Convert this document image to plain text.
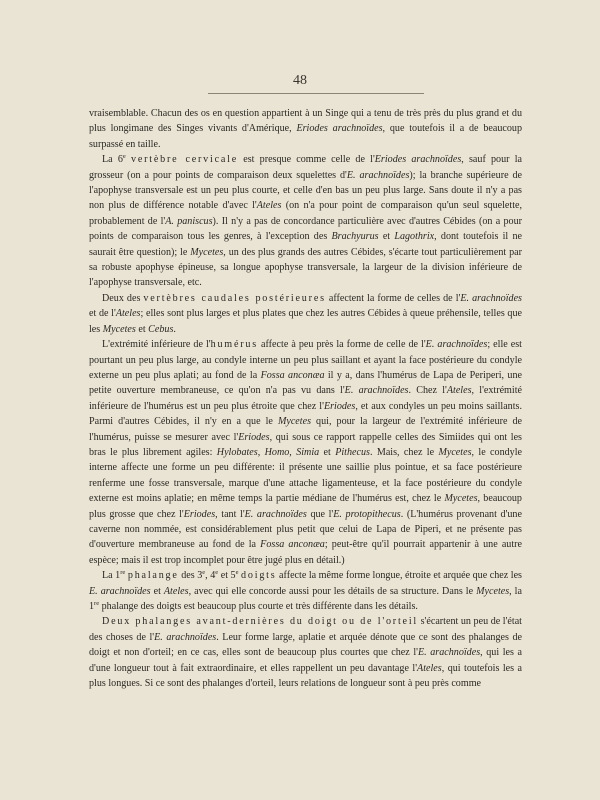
48

vraisemblable. Chacun des os en question appartient à un Singe qui a tenu de très près du plus grand et du plus longimane des Singes vivants d'Amérique, Eriodes arachnoïdes, que toutefois il a de beaucoup surpassé en taille.

La 6e vertèbre cervicale est presque comme celle de l'Eriodes arachnoïdes, sauf pour la grosseur (on a pour points de comparaison deux squelettes d'E. arachnoïdes); la branche supérieure de l'apophyse transversale est un peu plus courte, et celle d'en bas un peu plus large. Sans doute il n'y a pas non plus de différence notable d'avec l'Ateles (on n'a pour point de comparaison qu'un seul squelette, probablement de l'A. paniscus). Il n'y a pas de concordance particulière avec d'autres Cébides (on a pour points de comparaison tous les genres, à l'exception des Brachyurus et Lagothrix, dont toutefois il ne saurait être question); le Mycetes, un des plus grands des autres Cébides, s'écarte tout particulièrement par sa robuste apophyse épineuse, sa longue apophyse transversale, la largeur de la division inférieure de l'apophyse transversale, etc.

Deux des vertèbres caudales postérieures affectent la forme de celles de l'E. arachnoïdes et de l'Ateles; elles sont plus larges et plus plates que chez les autres Cébides à queue préhensile, telles que les Mycetes et Cebus.

L'extrémité inférieure de l'humérus affecte à peu près la forme de celle de l'E. arachnoïdes; elle est pourtant un peu plus large, au condyle interne un peu plus saillant et ayant la face postérieure du condyle externe un peu plus aplati; au fond de la Fossa anconæa il y a, dans l'humérus de Lapa de Periperi, une petite ouverture membraneuse, ce qu'on n'a pas vu dans l'E. arachnoïdes. Chez l'Ateles, l'extrémité inférieure de l'humérus est un peu plus étroite que chez l'Eriodes, et aux condyles un peu moins saillants. Parmi d'autres Cébides, il n'y en a que le Mycetes qui, pour la largeur de l'extrémité inférieure de l'humérus, puisse se mesurer avec l'Eriodes, qui sous ce rapport rappelle celles des Simiides qui ont les bras le plus librement agiles: Hylobates, Homo, Simia et Pithecus. Mais, chez le Mycetes, le condyle interne affecte une forme un peu différente: il présente une saillie plus pointue, et sa face postérieure renferme une fosse transversale, marque d'une attache ligamenteuse, et la face postérieure du condyle externe est moins aplatie; en même temps la partie médiane de l'humérus est, chez le Mycetes, beaucoup plus grosse que chez l'Eriodes, tant l'E. arachnoïdes que l'E. protopithecus. (L'humérus provenant d'une caverne non nommée, est considérablement plus petit que celui de Lapa de Piperi, et ne présente pas d'ouverture membraneuse au fond de la Fossa anconæa; peut-être qu'il pourrait appartenir à une autre espèce; mais il est trop incomplet pour être jugé plus en détail.)

La 1re phalange des 3e, 4e et 5e doigts affecte la même forme longue, étroite et arquée que chez les E. arachnoïdes et Ateles, avec qui elle concorde aussi pour les détails de sa structure. Dans le Mycetes, la 1re phalange des doigts est beaucoup plus courte et très différente dans les détails.

Deux phalanges avant-dernières du doigt ou de l'orteil s'écartent un peu de l'état des choses de l'E. arachnoïdes. Leur forme large, aplatie et arquée dénote que ce sont des phalanges de doigt et non d'orteil; en ce cas, elles sont de beaucoup plus courtes que chez l'E. arachnoïdes, qui les a d'une longueur tout à fait extraordinaire, et elles rappellent un peu davantage l'Ateles, qui toutefois les a plus longues. Si ce sont des phalanges d'orteil, leurs relations de longueur sont à peu près comme
